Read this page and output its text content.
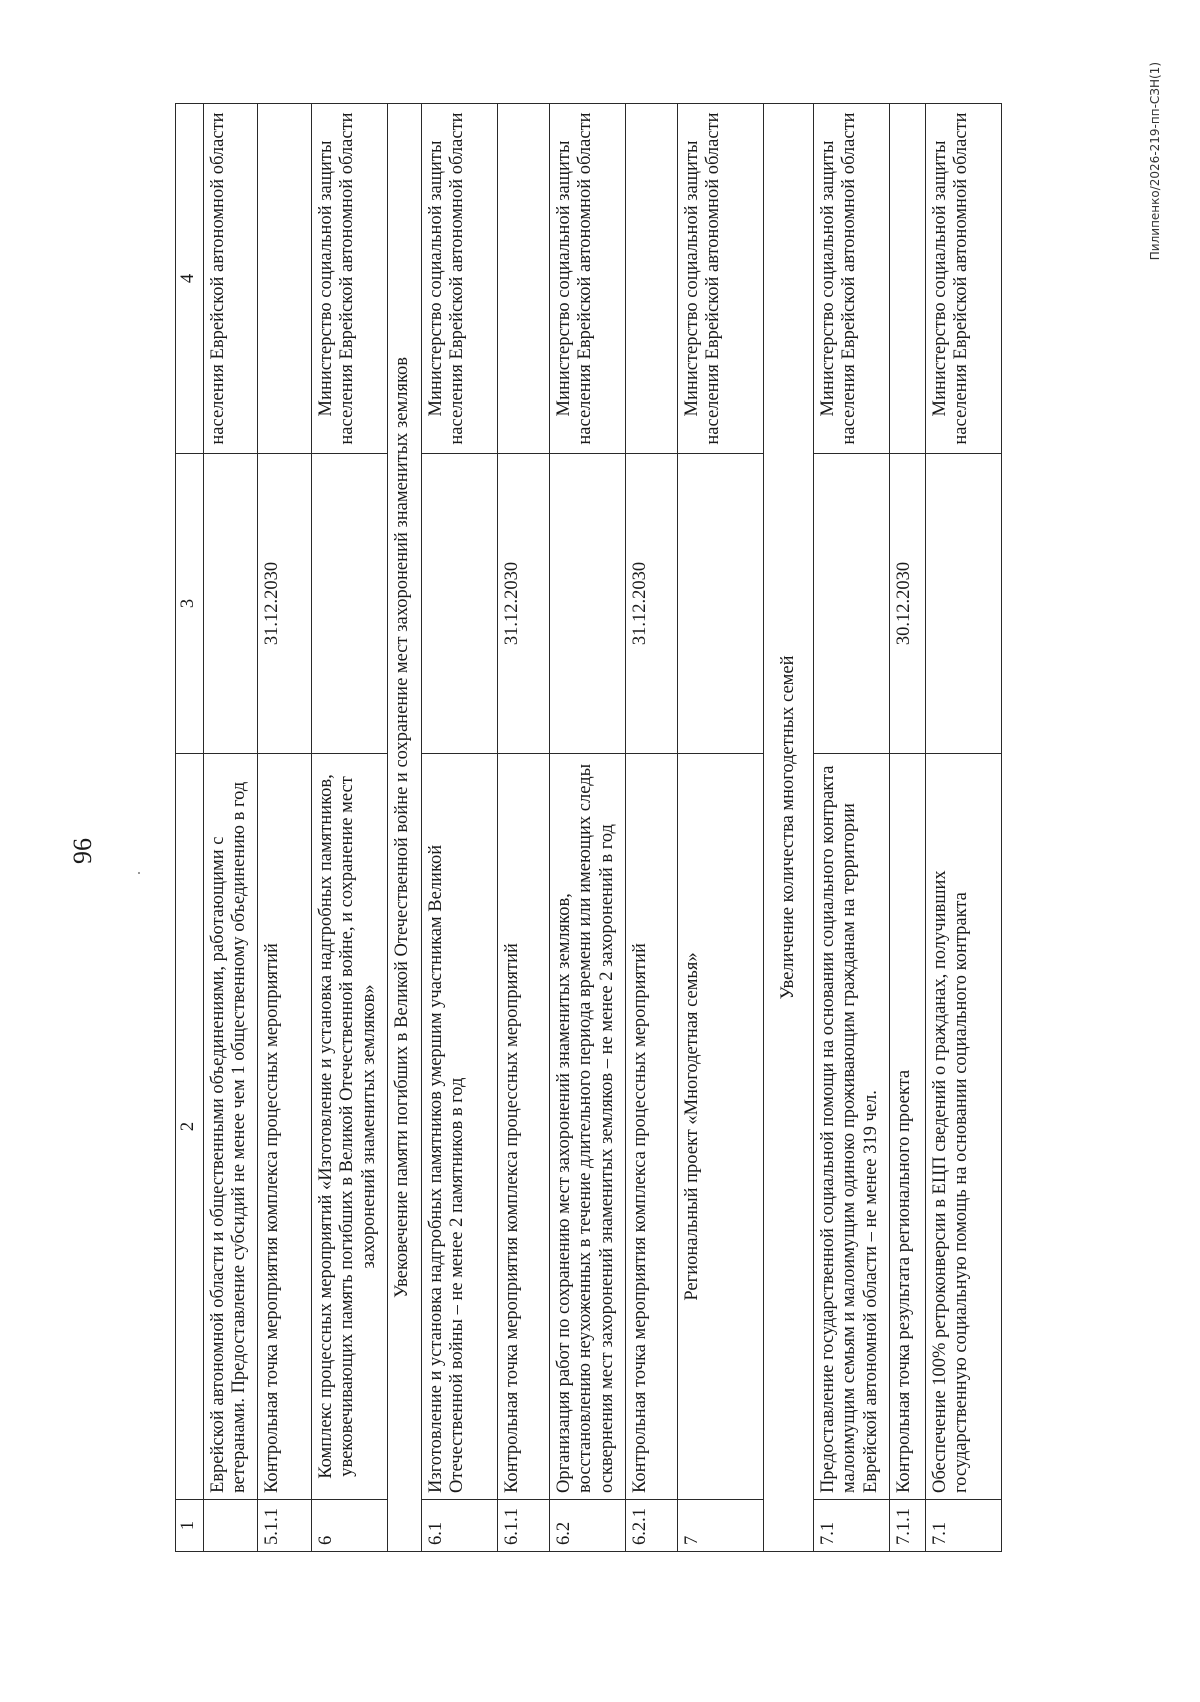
96
1	2	3	4
	Еврейской автономной области и общественными объединениями, работающими с ветеранами. Предоставление субсидий не менее чем 1 общественному объединению в год		населения Еврейской автономной области
5.1.1	Контрольная точка мероприятия комплекса процессных мероприятий	31.12.2030	
6	Комплекс процессных мероприятий «Изготовление и установка надгробных памятников, увековечивающих память погибших в Великой Отечественной войне, и сохранение мест захоронений знаменитых земляков»		Министерство социальной защиты населения Еврейской автономной области
Увековечение памяти погибших в Великой Отечественной войне и сохранение мест захоронений знаменитых земляков			
6.1	Изготовление и установка надгробных памятников умершим участникам Великой Отечественной войны – не менее 2 памятников в год		Министерство социальной защиты населения Еврейской автономной области
6.1.1	Контрольная точка мероприятия комплекса процессных мероприятий	31.12.2030	
6.2	Организация работ по сохранению мест захоронений знаменитых земляков, восстановлению неухоженных в течение длительного периода времени или имеющих следы осквернения мест захоронений знаменитых земляков – не менее 2 захоронений в год		Министерство социальной защиты населения Еврейской автономной области
6.2.1	Контрольная точка мероприятия комплекса процессных мероприятий	31.12.2030	
7	Региональный проект «Многодетная семья»		Министерство социальной защиты населения Еврейской автономной области
Увеличение количества многодетных семей			
7.1	Предоставление государственной социальной помощи на основании социального контракта малоимущим семьям и малоимущим одиноко проживающим гражданам на территории Еврейской автономной области – не менее 319 чел.		Министерство социальной защиты населения Еврейской автономной области
7.1.1	Контрольная точка результата регионального проекта	30.12.2030	
7.1	Обеспечение 100% ретроконверсии в ЕЦП сведений о гражданах, получивших государственную социальную помощь на основании социального контракта		Министерство социальной защиты населения Еврейской автономной области	Пилипенко/2026-219-пп-СЗН(1)
